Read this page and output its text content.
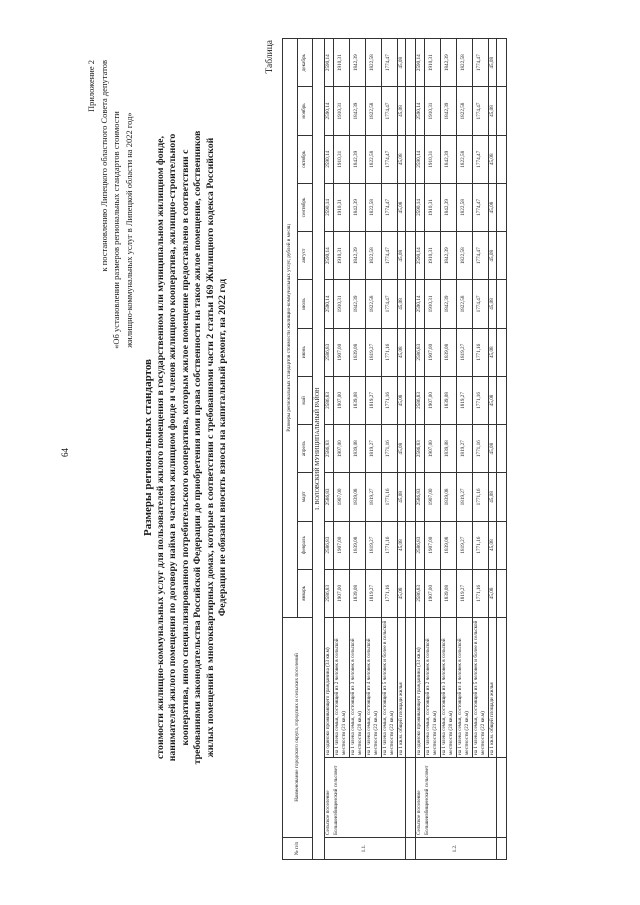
64
Приложение 2 к постановлению Липецкого областного Совета депутатов «Об установлении размеров региональных стандартов стоимости жилищно-коммунальных услуг в Липецкой области на 2022 год»
Размеры региональных стандартов стоимости жилищно-коммунальных услуг для пользователей жилого помещения в государственном или муниципальном жилищном фонде, нанимателей жилого помещения по договору найма в частном жилищном фонде и членов жилищного кооператива, жилищно-строительного кооператива, иного специализированного потребительского кооператива, которым жилое помещение предоставлено в соответствии с требованиями законодательства Российской Федерации до приобретения ими права собственности на такое жилое помещение, собственников жилых помещений в многоквартирных домах, которые в соответствии с требованиями части 2 статьи 169 Жилищного кодекса Российской Федерации не обязаны вносить взносы на капитальный ремонт, на 2022 год
Таблица
№ п/п	Наименование городского округа, городских и сельских поселений		Размеры региональных стандартов стоимости жилищно-коммунальных услуг, рублей в месяц											
			январь	февраль	март	апрель	май	июнь	июль	август	сентябрь	октябрь	ноябрь	декабрь
1. ВОЛОВСКИЙ МУНИЦИПАЛЬНЫЙ РАЙОН														
1.1.	Сельское поселение Большеизбищенский сельсовет	на одиноко проживающего гражданина (33 кв.м)	2586,83	2586,83	2586,83	2586,83	2586,83	2586,83	2590,14	2590,14	2590,14	2590,14	2590,14	2590,14
		на 1 члена семьи, состоящей из 2 человек в сельской местности (21 кв.м)	1907,00	1907,00	1907,00	1907,00	1907,00	1907,00	1910,31	1910,31	1910,31	1910,31	1910,31	1910,31
		на 1 члена семьи, состоящей из 3 человек в сельской местности (20 кв.м)	1839,08	1839,08	1839,08	1839,08	1839,08	1839,08	1842,39	1842,39	1842,39	1842,39	1842,39	1842,39
		на 1 члена семьи, состоящей из 4 человек в сельской местности (22 кв.м)	1819,27	1819,27	1819,27	1819,27	1819,27	1819,27	1822,58	1822,58	1822,58	1822,58	1822,58	1822,58
		на 1 члена семьи, состоящей из 5 человек и более в сельской местности (22 кв.м)	1771,16	1771,16	1771,16	1771,16	1771,16	1771,16	1774,47	1774,47	1774,47	1774,47	1774,47	1774,47
		на 1 кв.м. общей площади жилья	45,08	45,08	45,08	45,08	45,08	45,08	45,08	45,08	45,08	45,08	45,08	45,08

1.2.	Сельское поселение Большеизбищенский сельсовет	на одиноко проживающего гражданина (33 кв.м)	2586,83	2586,83	2586,83	2586,83	2586,83	2586,83	2590,14	2590,14	2590,14	2590,14	2590,14	2590,14
		на 1 члена семьи, состоящей из 2 человек в сельской местности (21 кв.м)	1907,00	1907,00	1907,00	1907,00	1907,00	1907,00	1910,31	1910,31	1910,31	1910,31	1910,31	1910,31
		на 1 члена семьи, состоящей из 3 человек в сельской местности (20 кв.м)	1839,08	1839,08	1839,08	1839,08	1839,08	1839,08	1842,39	1842,39	1842,39	1842,39	1842,39	1842,39
		на 1 члена семьи, состоящей из 4 человек в сельской местности (22 кв.м)	1819,27	1819,27	1819,27	1819,27	1819,27	1819,27	1822,58	1822,58	1822,58	1822,58	1822,58	1822,58
		на 1 члена семьи, состоящей из 5 человек и более в сельской местности (22 кв.м)	1771,16	1771,16	1771,16	1771,16	1771,16	1771,16	1774,47	1774,47	1774,47	1774,47	1774,47	1774,47
		на 1 кв.м. общей площади жилья	45,08	45,08	45,08	45,08	45,08	45,08	45,08	45,08	45,08	45,08	45,08	45,08
